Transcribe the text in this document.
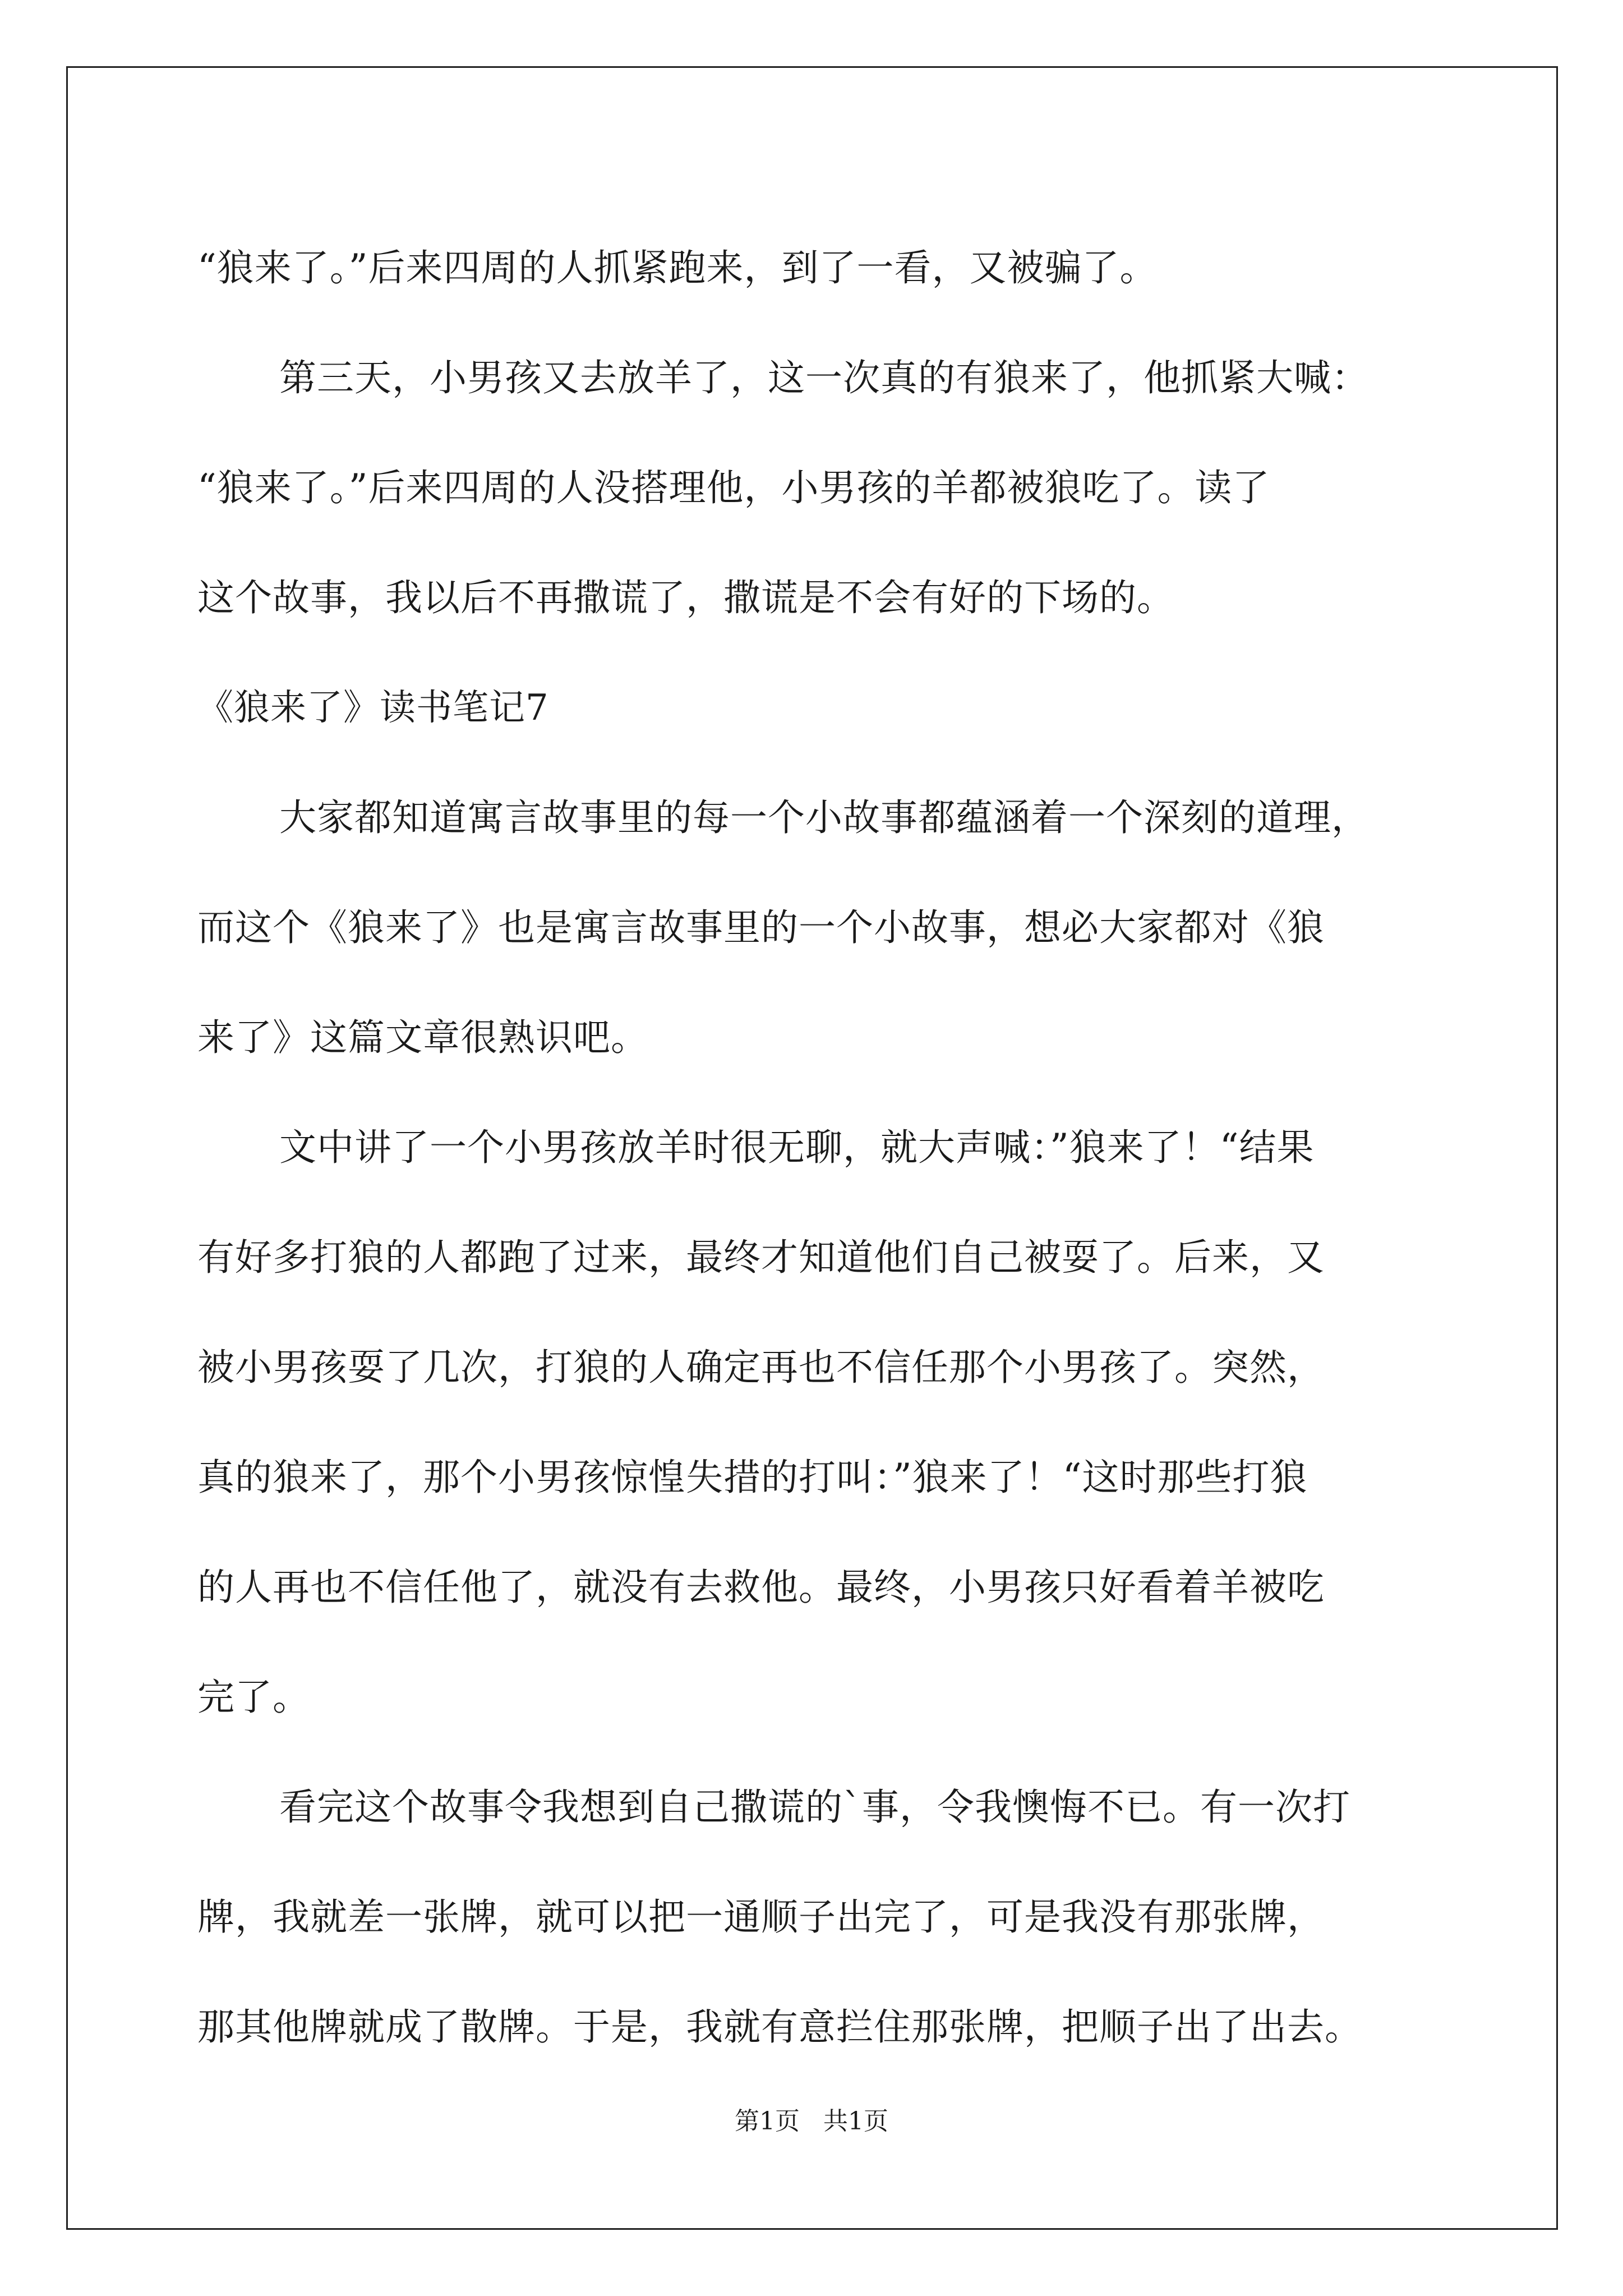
“狼来了。”后来四周的人抓紧跑来，到了一看，又被骗了。
第三天，小男孩又去放羊了，这一次真的有狼来了，他抓紧大喊：
“狼来了。”后来四周的人没搭理他，小男孩的羊都被狼吃了。读了
这个故事，我以后不再撒谎了，撒谎是不会有好的下场的。
《狼来了》读书笔记7
大家都知道寓言故事里的每一个小故事都蕴涵着一个深刻的道理，
而这个《狼来了》也是寓言故事里的一个小故事，想必大家都对《狼
来了》这篇文章很熟识吧。
文中讲了一个小男孩放羊时很无聊，就大声喊：”狼来了！“结果
有好多打狼的人都跑了过来，最终才知道他们自己被耍了。后来，又
被小男孩耍了几次，打狼的人确定再也不信任那个小男孩了。突然，
真的狼来了，那个小男孩惊惶失措的打叫：”狼来了！“这时那些打狼
的人再也不信任他了，就没有去救他。最终，小男孩只好看着羊被吃
完了。
看完这个故事令我想到自己撒谎的`事，令我懊悔不已。有一次打
牌，我就差一张牌，就可以把一通顺子出完了，可是我没有那张牌，
那其他牌就成了散牌。于是，我就有意拦住那张牌，把顺子出了出去。
第1页   共1页
